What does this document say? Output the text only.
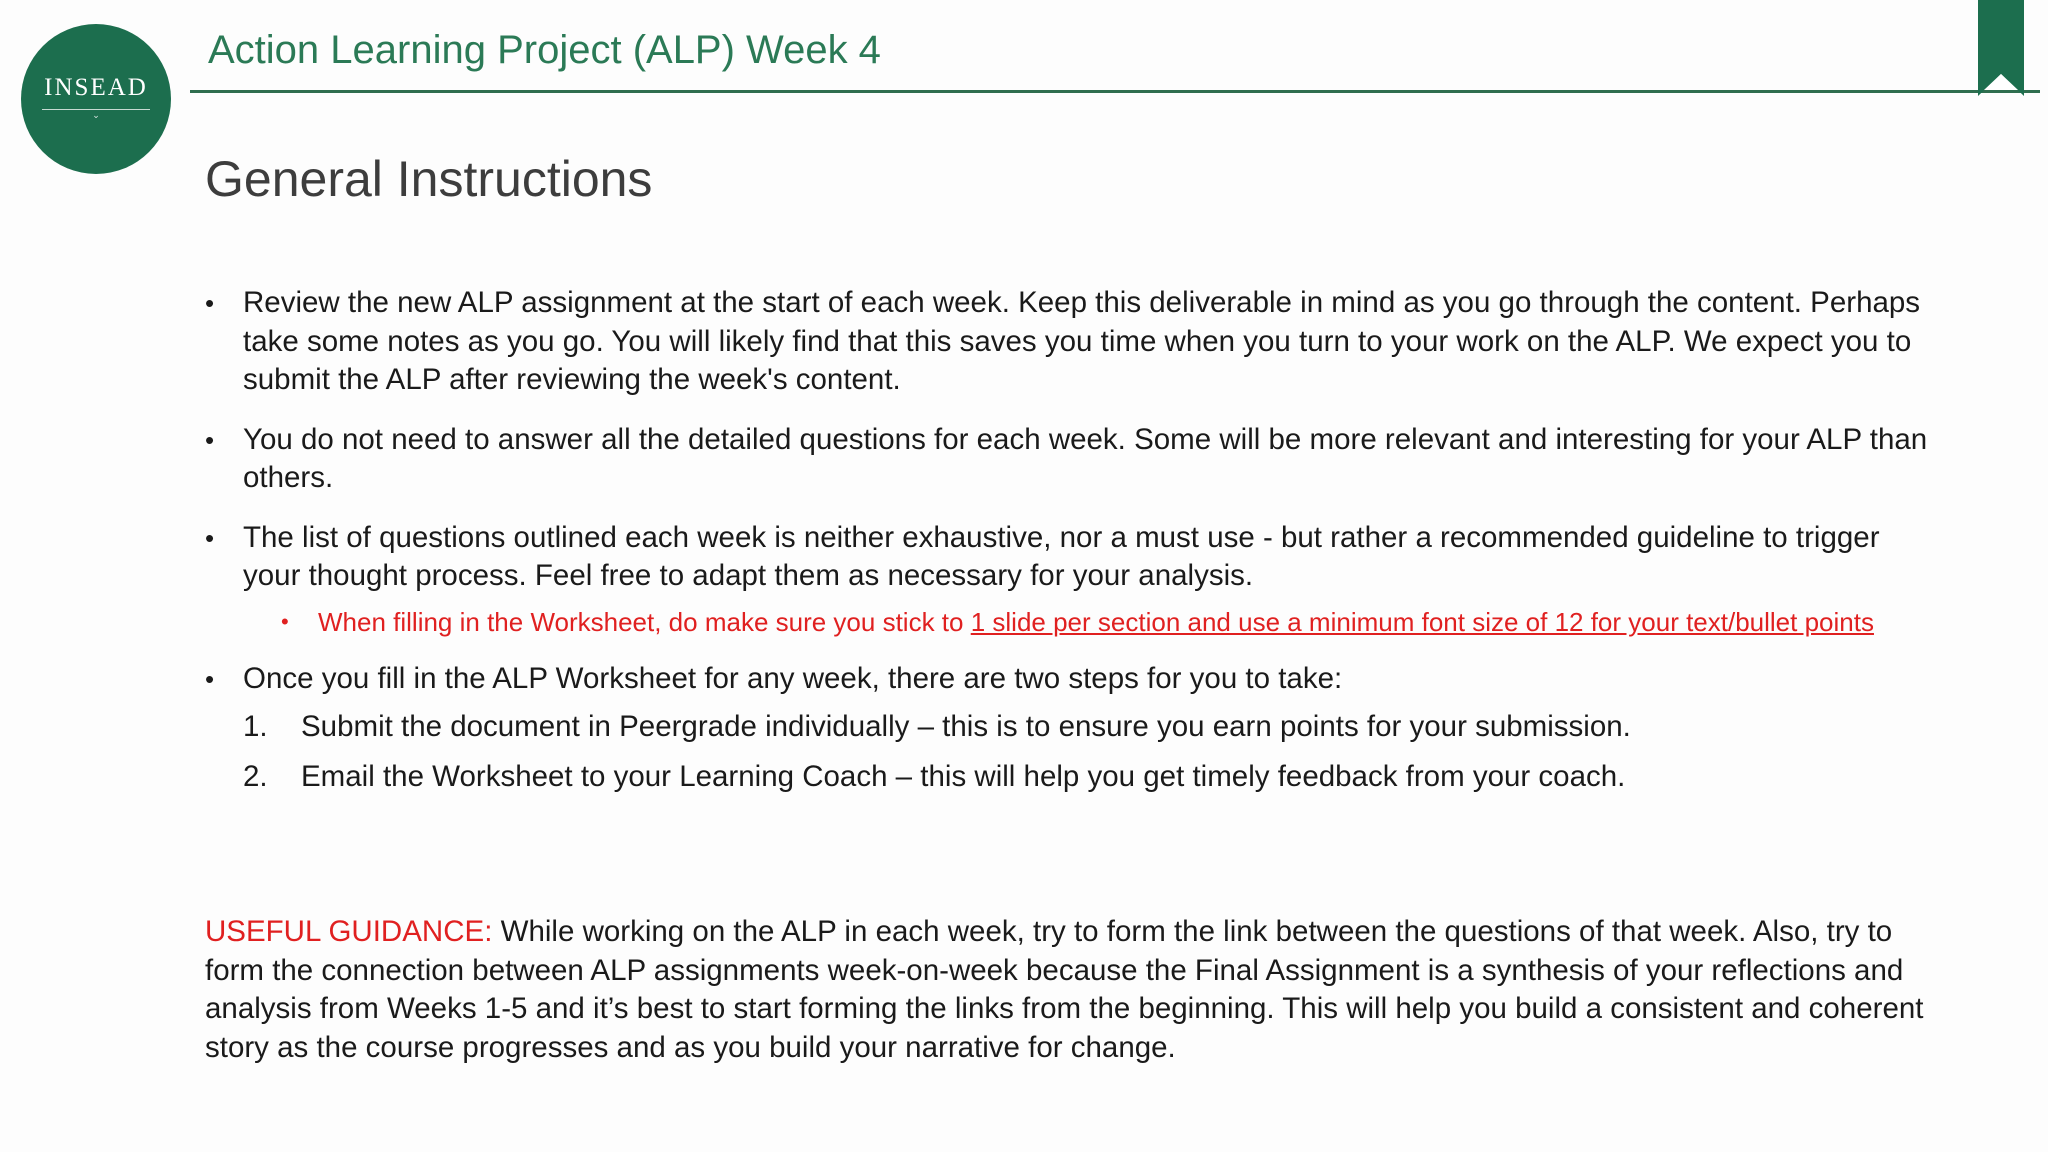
INSEAD
⌄
Action Learning Project (ALP) Week 4
General Instructions
• Review the new ALP assignment at the start of each week. Keep this deliverable in mind as you go through the content. Perhaps take some notes as you go. You will likely find that this saves you time when you turn to your work on the ALP. We expect you to submit the ALP after reviewing the week's content.
• You do not need to answer all the detailed questions for each week. Some will be more relevant and interesting for your ALP than others.
• The list of questions outlined each week is neither exhaustive, nor a must use - but rather a recommended guideline to trigger your thought process. Feel free to adapt them as necessary for your analysis.
•	When filling in the Worksheet, do make sure you stick to 1 slide per section and use a minimum font size of 12 for your text/bullet points
• Once you fill in the ALP Worksheet for any week, there are two steps for you to take:
1. Submit the document in Peergrade individually – this is to ensure you earn points for your submission.
2. Email the Worksheet to your Learning Coach – this will help you get timely feedback from your coach.
USEFUL GUIDANCE: While working on the ALP in each week, try to form the link between the questions of that week. Also, try to form the connection between ALP assignments week-on-week because the Final Assignment is a synthesis of your reflections and analysis from Weeks 1-5 and it’s best to start forming the links from the beginning. This will help you build a consistent and coherent story as the course progresses and as you build your narrative for change.
